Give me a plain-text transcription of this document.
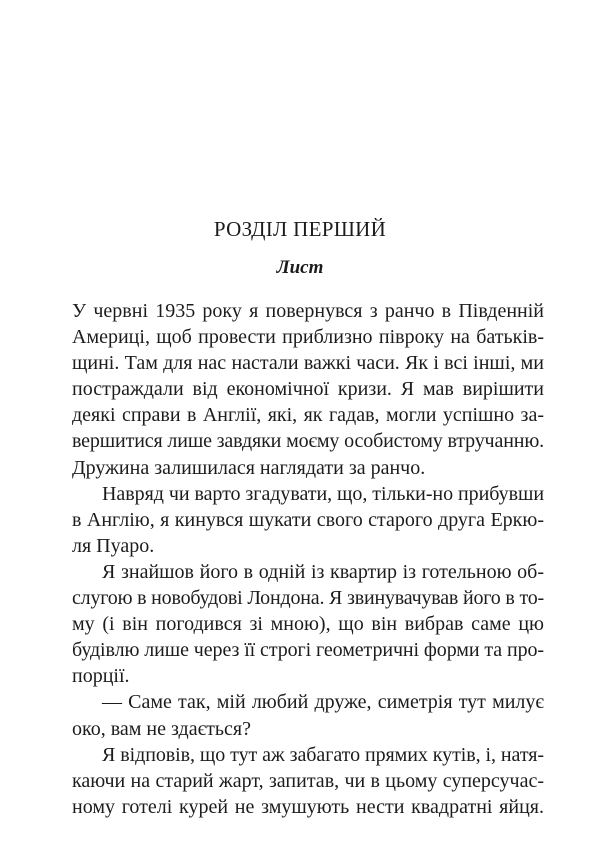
РОЗДІЛ ПЕРШИЙ
Лист
У червні 1935 року я повернувся з ранчо в Південній
Америці, щоб провести приблизно півроку на батьків-
щині. Там для нас настали важкі часи. Як і всі інші, ми
постраждали від економічної кризи. Я мав вирішити
деякі справи в Англії, які, як гадав, могли успішно за-
вершитися лише завдяки моєму особистому втручанню.
Дружина залишилася наглядати за ранчо.
Навряд чи варто згадувати, що, тільки-но прибувши
в Англію, я кинувся шукати свого старого друга Еркю-
ля Пуаро.
Я знайшов його в одній із квартир із готельною об-
слугою в новобудові Лондона. Я звинувачував його в то-
му (і він погодився зі мною), що він вибрав саме цю
будівлю лише через її строгі геометричні форми та про-
порції.
— Саме так, мій любий друже, симетрія тут милує
око, вам не здається?
Я відповів, що тут аж забагато прямих кутів, і, натя-
каючи на старий жарт, запитав, чи в цьому суперсучас-
ному готелі курей не змушують нести квадратні яйця.
